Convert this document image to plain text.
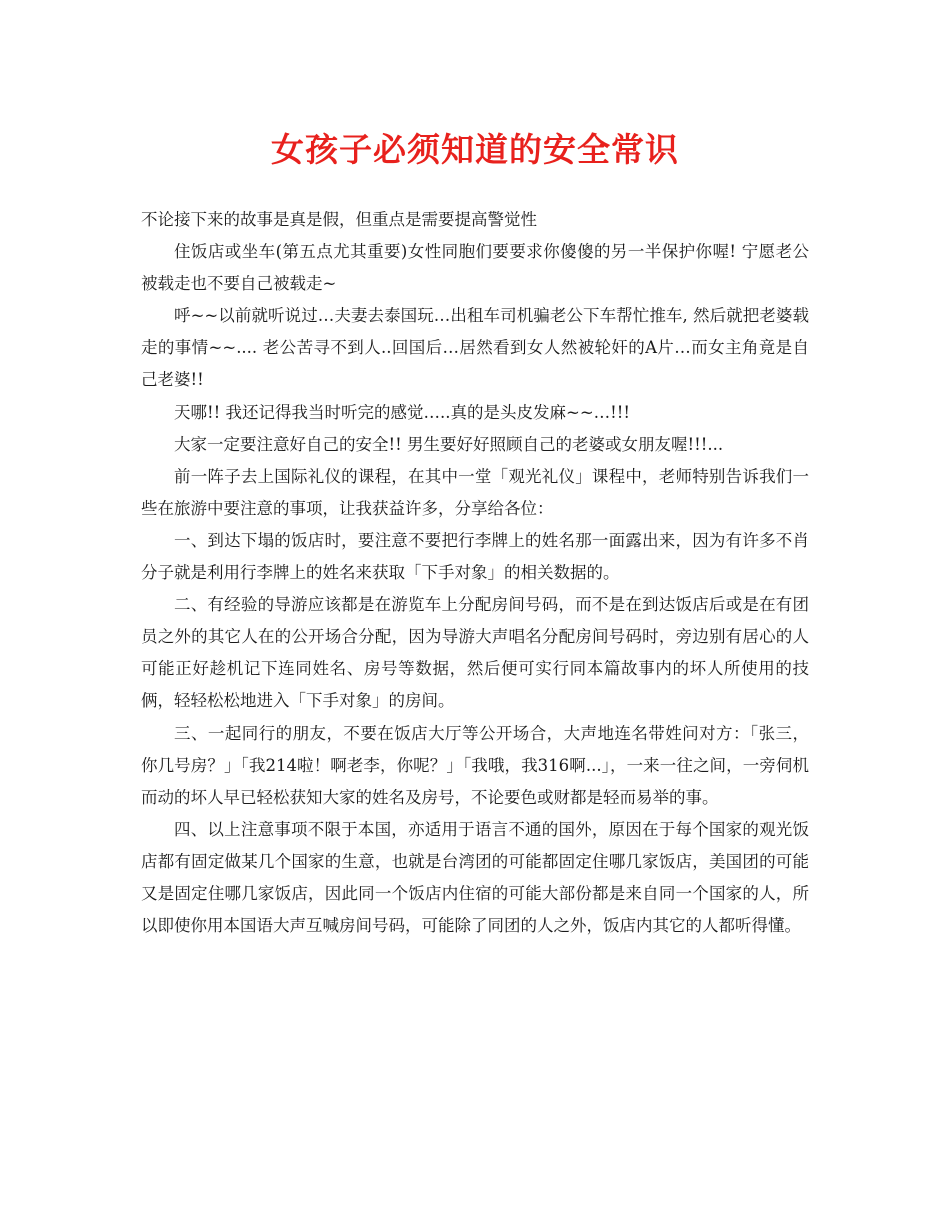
女孩子必须知道的安全常识

不论接下来的故事是真是假，但重点是需要提高警觉性

住饭店或坐车(第五点尤其重要)女性同胞们要要求你傻傻的另一半保护你喔! 宁愿老公被载走也不要自己被载走~

呼~~以前就听说过…夫妻去泰国玩…出租车司机骗老公下车帮忙推车, 然后就把老婆载走的事情~~.... 老公苦寻不到人..回国后…居然看到女人然被轮奸的A片…而女主角竟是自己老婆!!

天哪!! 我还记得我当时听完的感觉…..真的是头皮发麻~~…!!!

大家一定要注意好自己的安全!! 男生要好好照顾自己的老婆或女朋友喔!!!...

前一阵子去上国际礼仪的课程，在其中一堂「观光礼仪」课程中，老师特别告诉我们一些在旅游中要注意的事项，让我获益许多，分享给各位：

一、到达下塌的饭店时，要注意不要把行李牌上的姓名那一面露出来，因为有许多不肖分子就是利用行李牌上的姓名来获取「下手对象」的相关数据的。

二、有经验的导游应该都是在游览车上分配房间号码，而不是在到达饭店后或是在有团员之外的其它人在的公开场合分配，因为导游大声唱名分配房间号码时，旁边别有居心的人可能正好趁机记下连同姓名、房号等数据，然后便可实行同本篇故事内的坏人所使用的技俩，轻轻松松地进入「下手对象」的房间。

三、一起同行的朋友，不要在饭店大厅等公开场合，大声地连名带姓问对方：「张三，你几号房？」「我214啦！啊老李，你呢？」「我哦，我316啊...」，一来一往之间，一旁伺机而动的坏人早已轻松获知大家的姓名及房号，不论要色或财都是轻而易举的事。

四、以上注意事项不限于本国，亦适用于语言不通的国外，原因在于每个国家的观光饭店都有固定做某几个国家的生意，也就是台湾团的可能都固定住哪几家饭店，美国团的可能又是固定住哪几家饭店，因此同一个饭店内住宿的可能大部份都是来自同一个国家的人，所以即使你用本国语大声互喊房间号码，可能除了同团的人之外，饭店内其它的人都听得懂。
